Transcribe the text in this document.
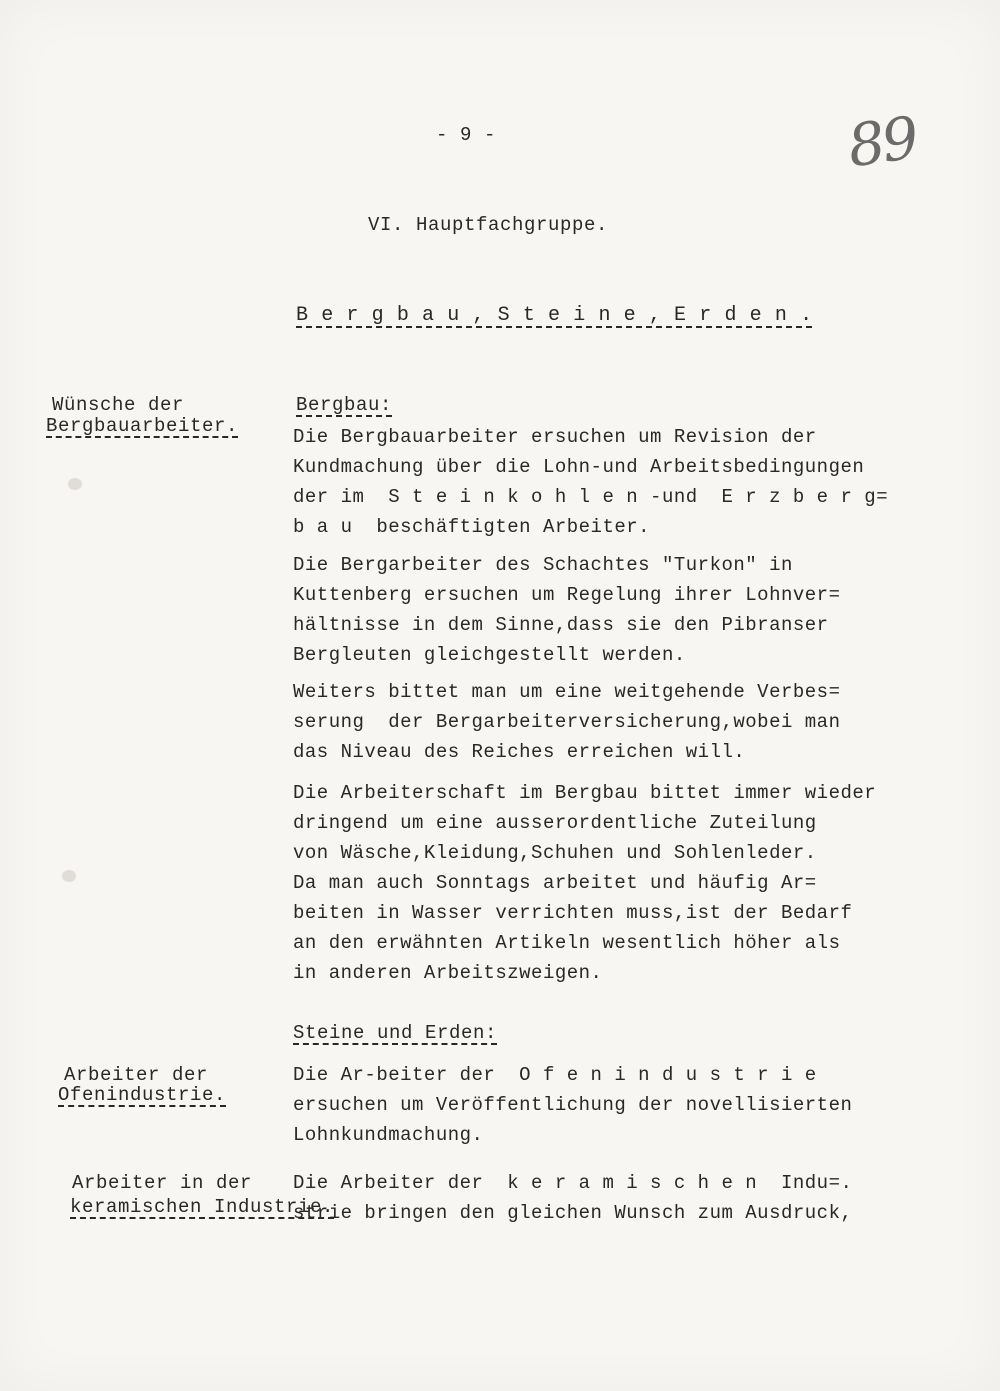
- 9 -	89
VI. Hauptfachgruppe.
B e r g b a u , S t e i n e , E r d e n .
Wünsche der
Bergbauarbeiter.
Bergbau:

Die Bergbauarbeiter ersuchen um Revision der

Kundmachung über die Lohn-und Arbeitsbedingungen

der im  S t e i n k o h l e n -und  E r z b e r g=

b a u  beschäftigten Arbeiter.

Die Bergarbeiter des Schachtes "Turkon" in

Kuttenberg ersuchen um Regelung ihrer Lohnver=

hältnisse in dem Sinne,dass sie den Pibranser

Bergleuten gleichgestellt werden.

Weiters bittet man um eine weitgehende Verbes=

serung  der Bergarbeiterversicherung,wobei man

das Niveau des Reiches erreichen will.

Die Arbeiterschaft im Bergbau bittet immer wieder

dringend um eine ausserordentliche Zuteilung

von Wäsche,Kleidung,Schuhen und Sohlenleder.

Da man auch Sonntags arbeitet und häufig Ar=

beiten in Wasser verrichten muss,ist der Bedarf

an den erwähnten Artikeln wesentlich höher als

in anderen Arbeitszweigen.

Steine und Erden:
Arbeiter der
Ofenindustrie.

Die Ar-beiter der  O f e n i n d u s t r i e

ersuchen um Veröffentlichung der novellisierten

Lohnkundmachung.

Arbeiter in der
keramischen Industrie.

Die Arbeiter der  k e r a m i s c h e n  Indu=.

strie bringen den gleichen Wunsch zum Ausdruck,
